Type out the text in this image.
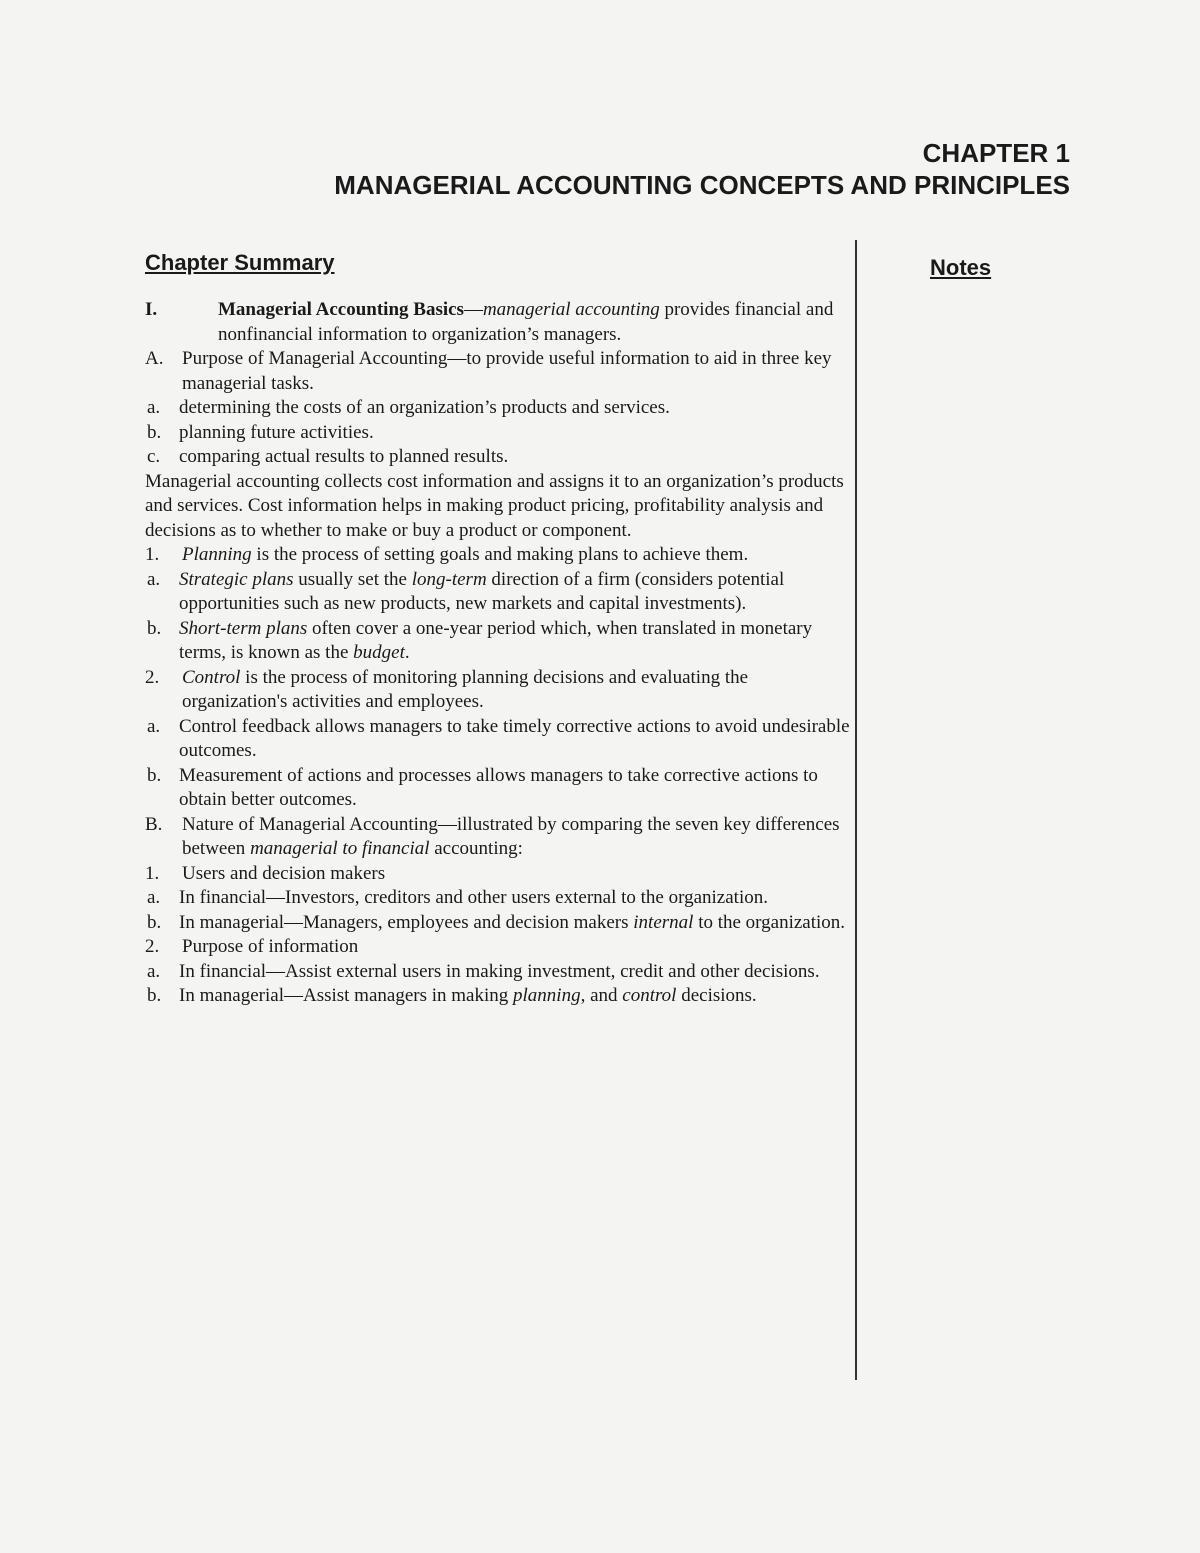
CHAPTER 1
MANAGERIAL ACCOUNTING CONCEPTS AND PRINCIPLES
Chapter Summary	Notes

I.	Managerial Accounting Basics—managerial accounting provides financial and nonfinancial information to organization’s managers.

A. Purpose of Managerial Accounting—to provide useful information to aid in three key managerial tasks.

a. determining the costs of an organization’s products and services.

b. planning future activities.

c. comparing actual results to planned results.

Managerial accounting collects cost information and assigns it to an organization’s products and services. Cost information helps in making product pricing, profitability analysis and decisions as to whether to make or buy a product or component.

1. Planning is the process of setting goals and making plans to achieve them.

a. Strategic plans usually set the long-term direction of a firm (considers potential opportunities such as new products, new markets and capital investments).

b. Short-term plans often cover a one-year period which, when translated in monetary terms, is known as the budget.

2. Control is the process of monitoring planning decisions and evaluating the organization's activities and employees.

a. Control feedback allows managers to take timely corrective actions to avoid undesirable outcomes.

b. Measurement of actions and processes allows managers to take corrective actions to obtain better outcomes.

B. Nature of Managerial Accounting—illustrated by comparing the seven key differences between managerial to financial accounting:

1. Users and decision makers

a. In financial—Investors, creditors and other users external to the organization.

b. In managerial—Managers, employees and decision makers internal to the organization.

2. Purpose of information

a. In financial—Assist external users in making investment, credit and other decisions.

b. In managerial—Assist managers in making planning, and control decisions.
